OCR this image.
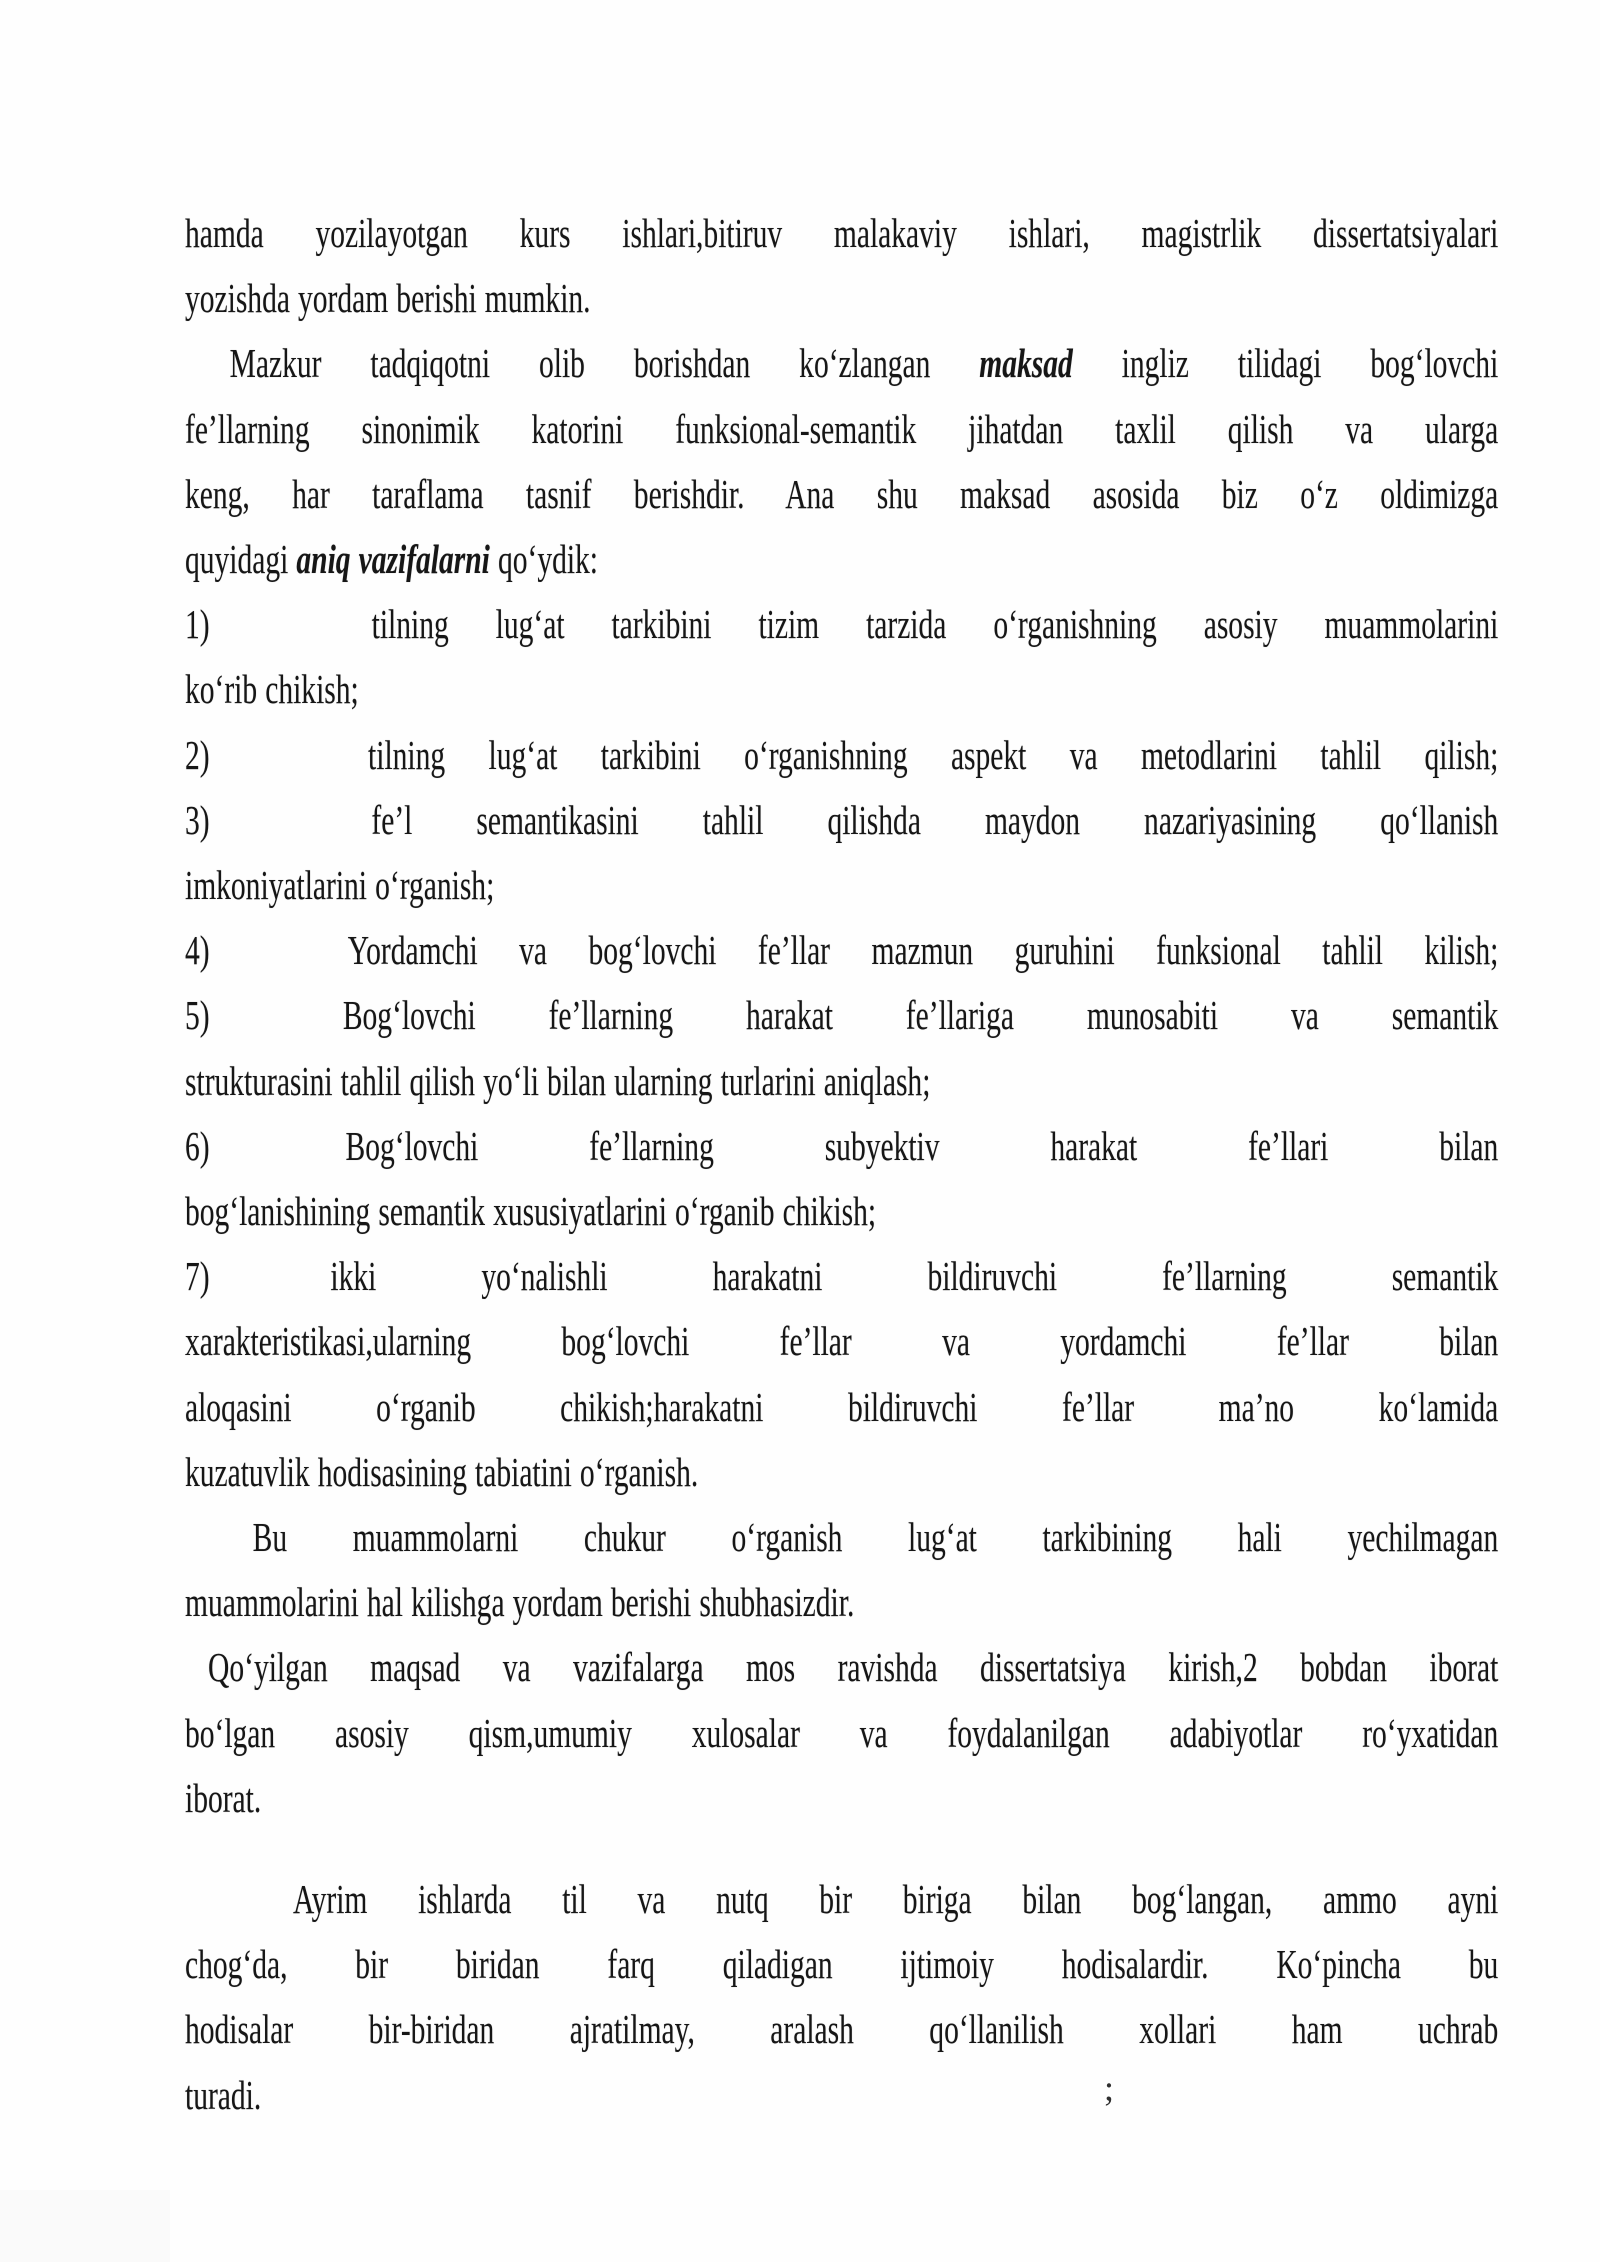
hamda yozilayotgan kurs ishlari,bitiruv malakaviy ishlari, magistrlik dissertatsiyalari
yozishda yordam berishi mumkin.
Mazkur tadqiqotni olib borishdan koʻzlangan maksad ingliz tilidagi bogʻlovchi
fe’llarning sinonimik katorini funksional-semantik jihatdan taxlil qilish va ularga
keng, har taraflama tasnif berishdir. Ana shu maksad asosida biz oʻz oldimizga
quyidagi aniq vazifalarni qoʻydik:
1)	tilning lugʻat tarkibini tizim tarzida oʻrganishning asosiy muammolarini
koʻrib chikish;
2)	tilning lugʻat tarkibini oʻrganishning aspekt va metodlarini tahlil qilish;
3)	fe’l semantikasini tahlil qilishda maydon nazariyasining qoʻllanish
imkoniyatlarini oʻrganish;
4)	Yordamchi va bogʻlovchi fe’llar mazmun guruhini funksional tahlil kilish;
5)	Bogʻlovchi fe’llarning harakat fe’llariga munosabiti va semantik
strukturasini tahlil qilish yoʻli bilan ularning turlarini aniqlash;
6)	Bogʻlovchi fe’llarning subyektiv harakat fe’llari bilan
bogʻlanishining semantik xususiyatlarini oʻrganib chikish;
7)	ikki yoʻnalishli harakatni bildiruvchi fe’llarning semantik
xarakteristikasi,ularning bogʻlovchi fe’llar va yordamchi fe’llar bilan
aloqasini oʻrganib chikish;harakatni bildiruvchi fe’llar ma’no koʻlamida
kuzatuvlik hodisasining tabiatini oʻrganish.
Bu muammolarni chukur oʻrganish lugʻat tarkibining hali yechilmagan
muammolarini hal kilishga yordam berishi shubhasizdir.
Qoʻyilgan maqsad va vazifalarga mos ravishda dissertatsiya kirish,2 bobdan iborat
boʻlgan asosiy qism,umumiy xulosalar va foydalanilgan adabiyotlar roʻyxatidan
iborat.
Ayrim ishlarda til va nutq bir biriga bilan bogʻlangan, ammo ayni
chogʻda, bir biridan farq qiladigan ijtimoiy hodisalardir. Koʻpincha bu
hodisalar bir-biridan ajratilmay, aralash qoʻllanilish xollari ham uchrab
turadi.	;
